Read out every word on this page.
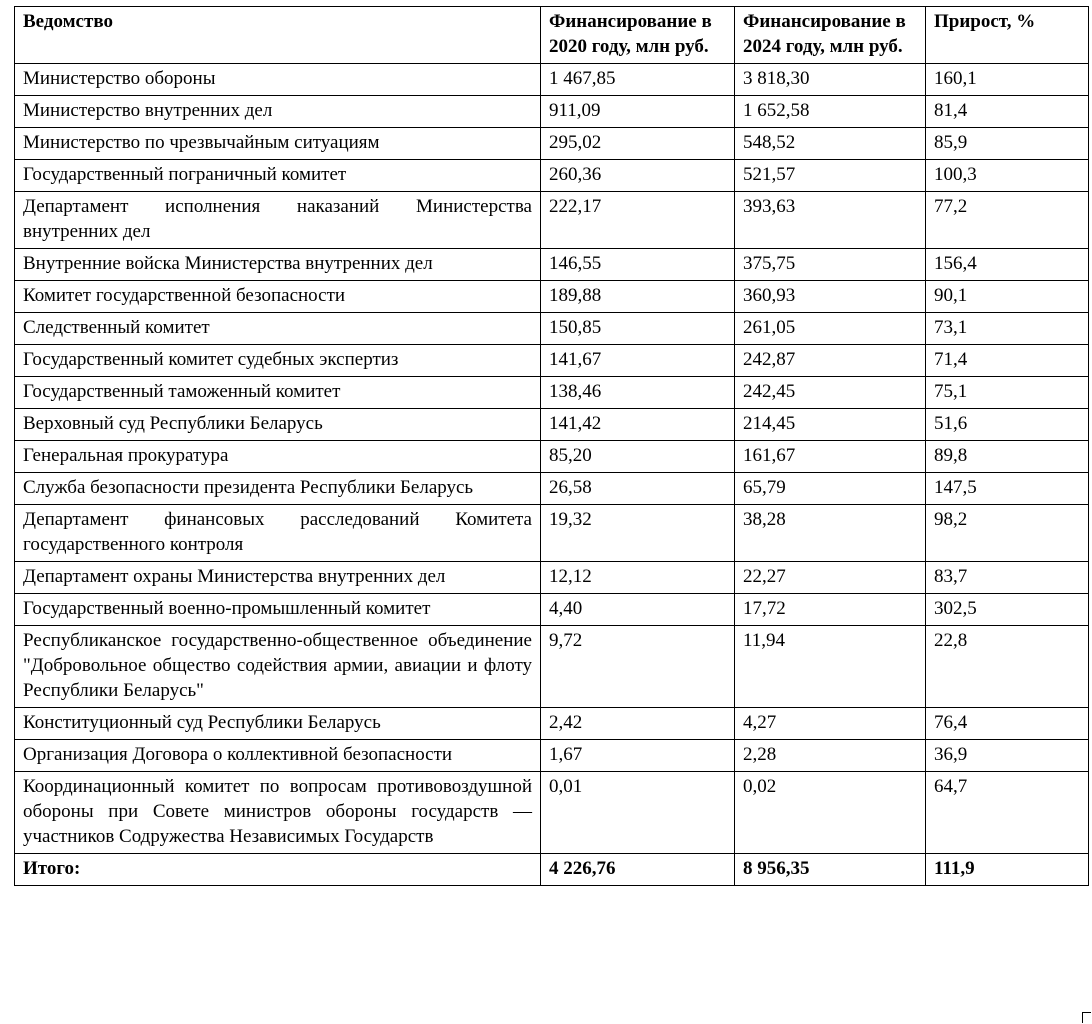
Ведомство	Финансирование в 2020 году, млн руб.	Финансирование в 2024 году, млн руб.	Прирост, %
Министерство обороны	1 467,85	3 818,30	160,1
Министерство внутренних дел	911,09	1 652,58	81,4
Министерство по чрезвычайным ситуациям	295,02	548,52	85,9
Государственный пограничный комитет	260,36	521,57	100,3
Департамент исполнения наказаний Министерства внутренних дел	222,17	393,63	77,2
Внутренние войска Министерства внутренних дел	146,55	375,75	156,4
Комитет государственной безопасности	189,88	360,93	90,1
Следственный комитет	150,85	261,05	73,1
Государственный комитет судебных экспертиз	141,67	242,87	71,4
Государственный таможенный комитет	138,46	242,45	75,1
Верховный суд Республики Беларусь	141,42	214,45	51,6
Генеральная прокуратура	85,20	161,67	89,8
Служба безопасности президента Республики Беларусь	26,58	65,79	147,5
Департамент финансовых расследований Комитета государственного контроля	19,32	38,28	98,2
Департамент охраны Министерства внутренних дел	12,12	22,27	83,7
Государственный военно-промышленный комитет	4,40	17,72	302,5
Республиканское государственно-общественное объединение "Добровольное общество содействия армии, авиации и флоту Республики Беларусь"	9,72	11,94	22,8
Конституционный суд Республики Беларусь	2,42	4,27	76,4
Организация Договора о коллективной безопасности	1,67	2,28	36,9
Координационный комитет по вопросам противовоздушной обороны при Совете министров обороны государств — участников Содружества Независимых Государств	0,01	0,02	64,7
Итого:	4 226,76	8 956,35	111,9
